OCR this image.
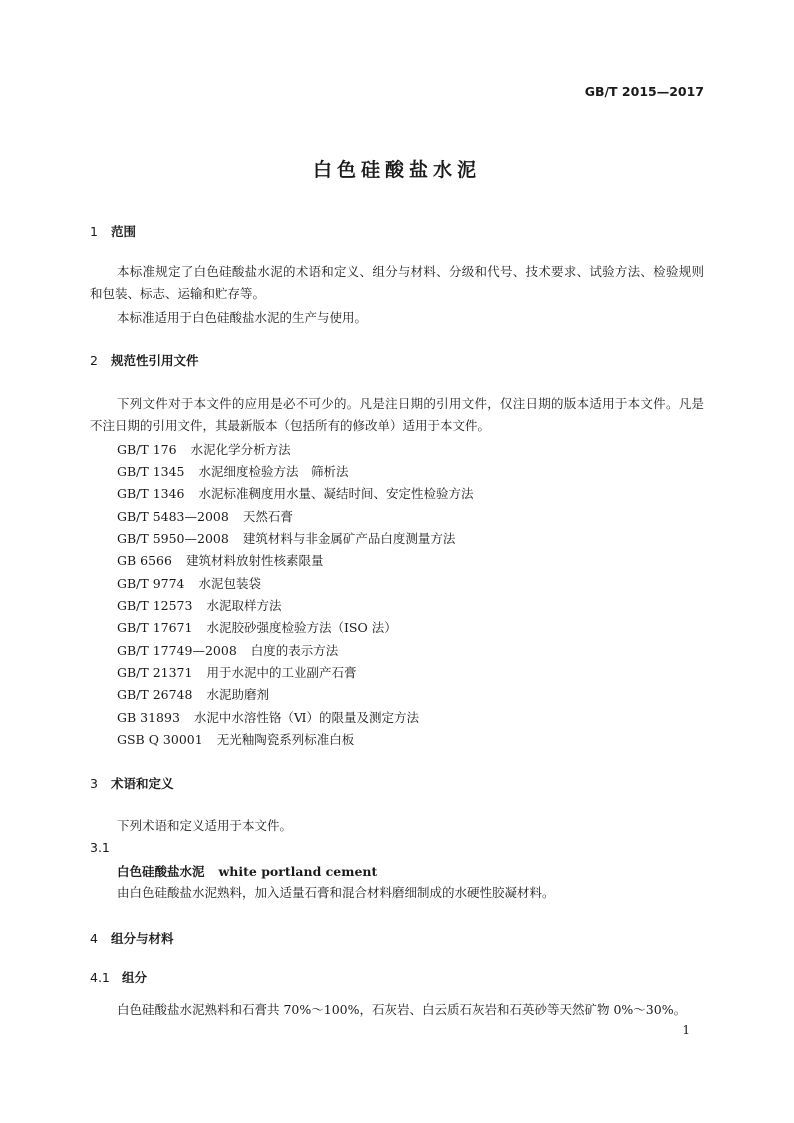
GB/T 2015—2017
白色硅酸盐水泥
1 范围
本标准规定了白色硅酸盐水泥的术语和定义、组分与材料、分级和代号、技术要求、试验方法、检验规则和包装、标志、运输和贮存等。
本标准适用于白色硅酸盐水泥的生产与使用。
2 规范性引用文件
下列文件对于本文件的应用是必不可少的。凡是注日期的引用文件，仅注日期的版本适用于本文件。凡是不注日期的引用文件，其最新版本（包括所有的修改单）适用于本文件。
GB/T 176 水泥化学分析方法
GB/T 1345 水泥细度检验方法　筛析法
GB/T 1346 水泥标准稠度用水量、凝结时间、安定性检验方法
GB/T 5483—2008 天然石膏
GB/T 5950—2008 建筑材料与非金属矿产品白度测量方法
GB 6566 建筑材料放射性核素限量
GB/T 9774 水泥包装袋
GB/T 12573 水泥取样方法
GB/T 17671 水泥胶砂强度检验方法（ISO 法）
GB/T 17749—2008 白度的表示方法
GB/T 21371 用于水泥中的工业副产石膏
GB/T 26748 水泥助磨剂
GB 31893 水泥中水溶性铬（Ⅵ）的限量及测定方法
GSB Q 30001 无光釉陶瓷系列标准白板
3 术语和定义
下列术语和定义适用于本文件。
3.1
白色硅酸盐水泥 white portland cement
由白色硅酸盐水泥熟料，加入适量石膏和混合材料磨细制成的水硬性胶凝材料。
4 组分与材料
4.1 组分
白色硅酸盐水泥熟料和石膏共 70%～100%，石灰岩、白云质石灰岩和石英砂等天然矿物 0%～30%。
1
